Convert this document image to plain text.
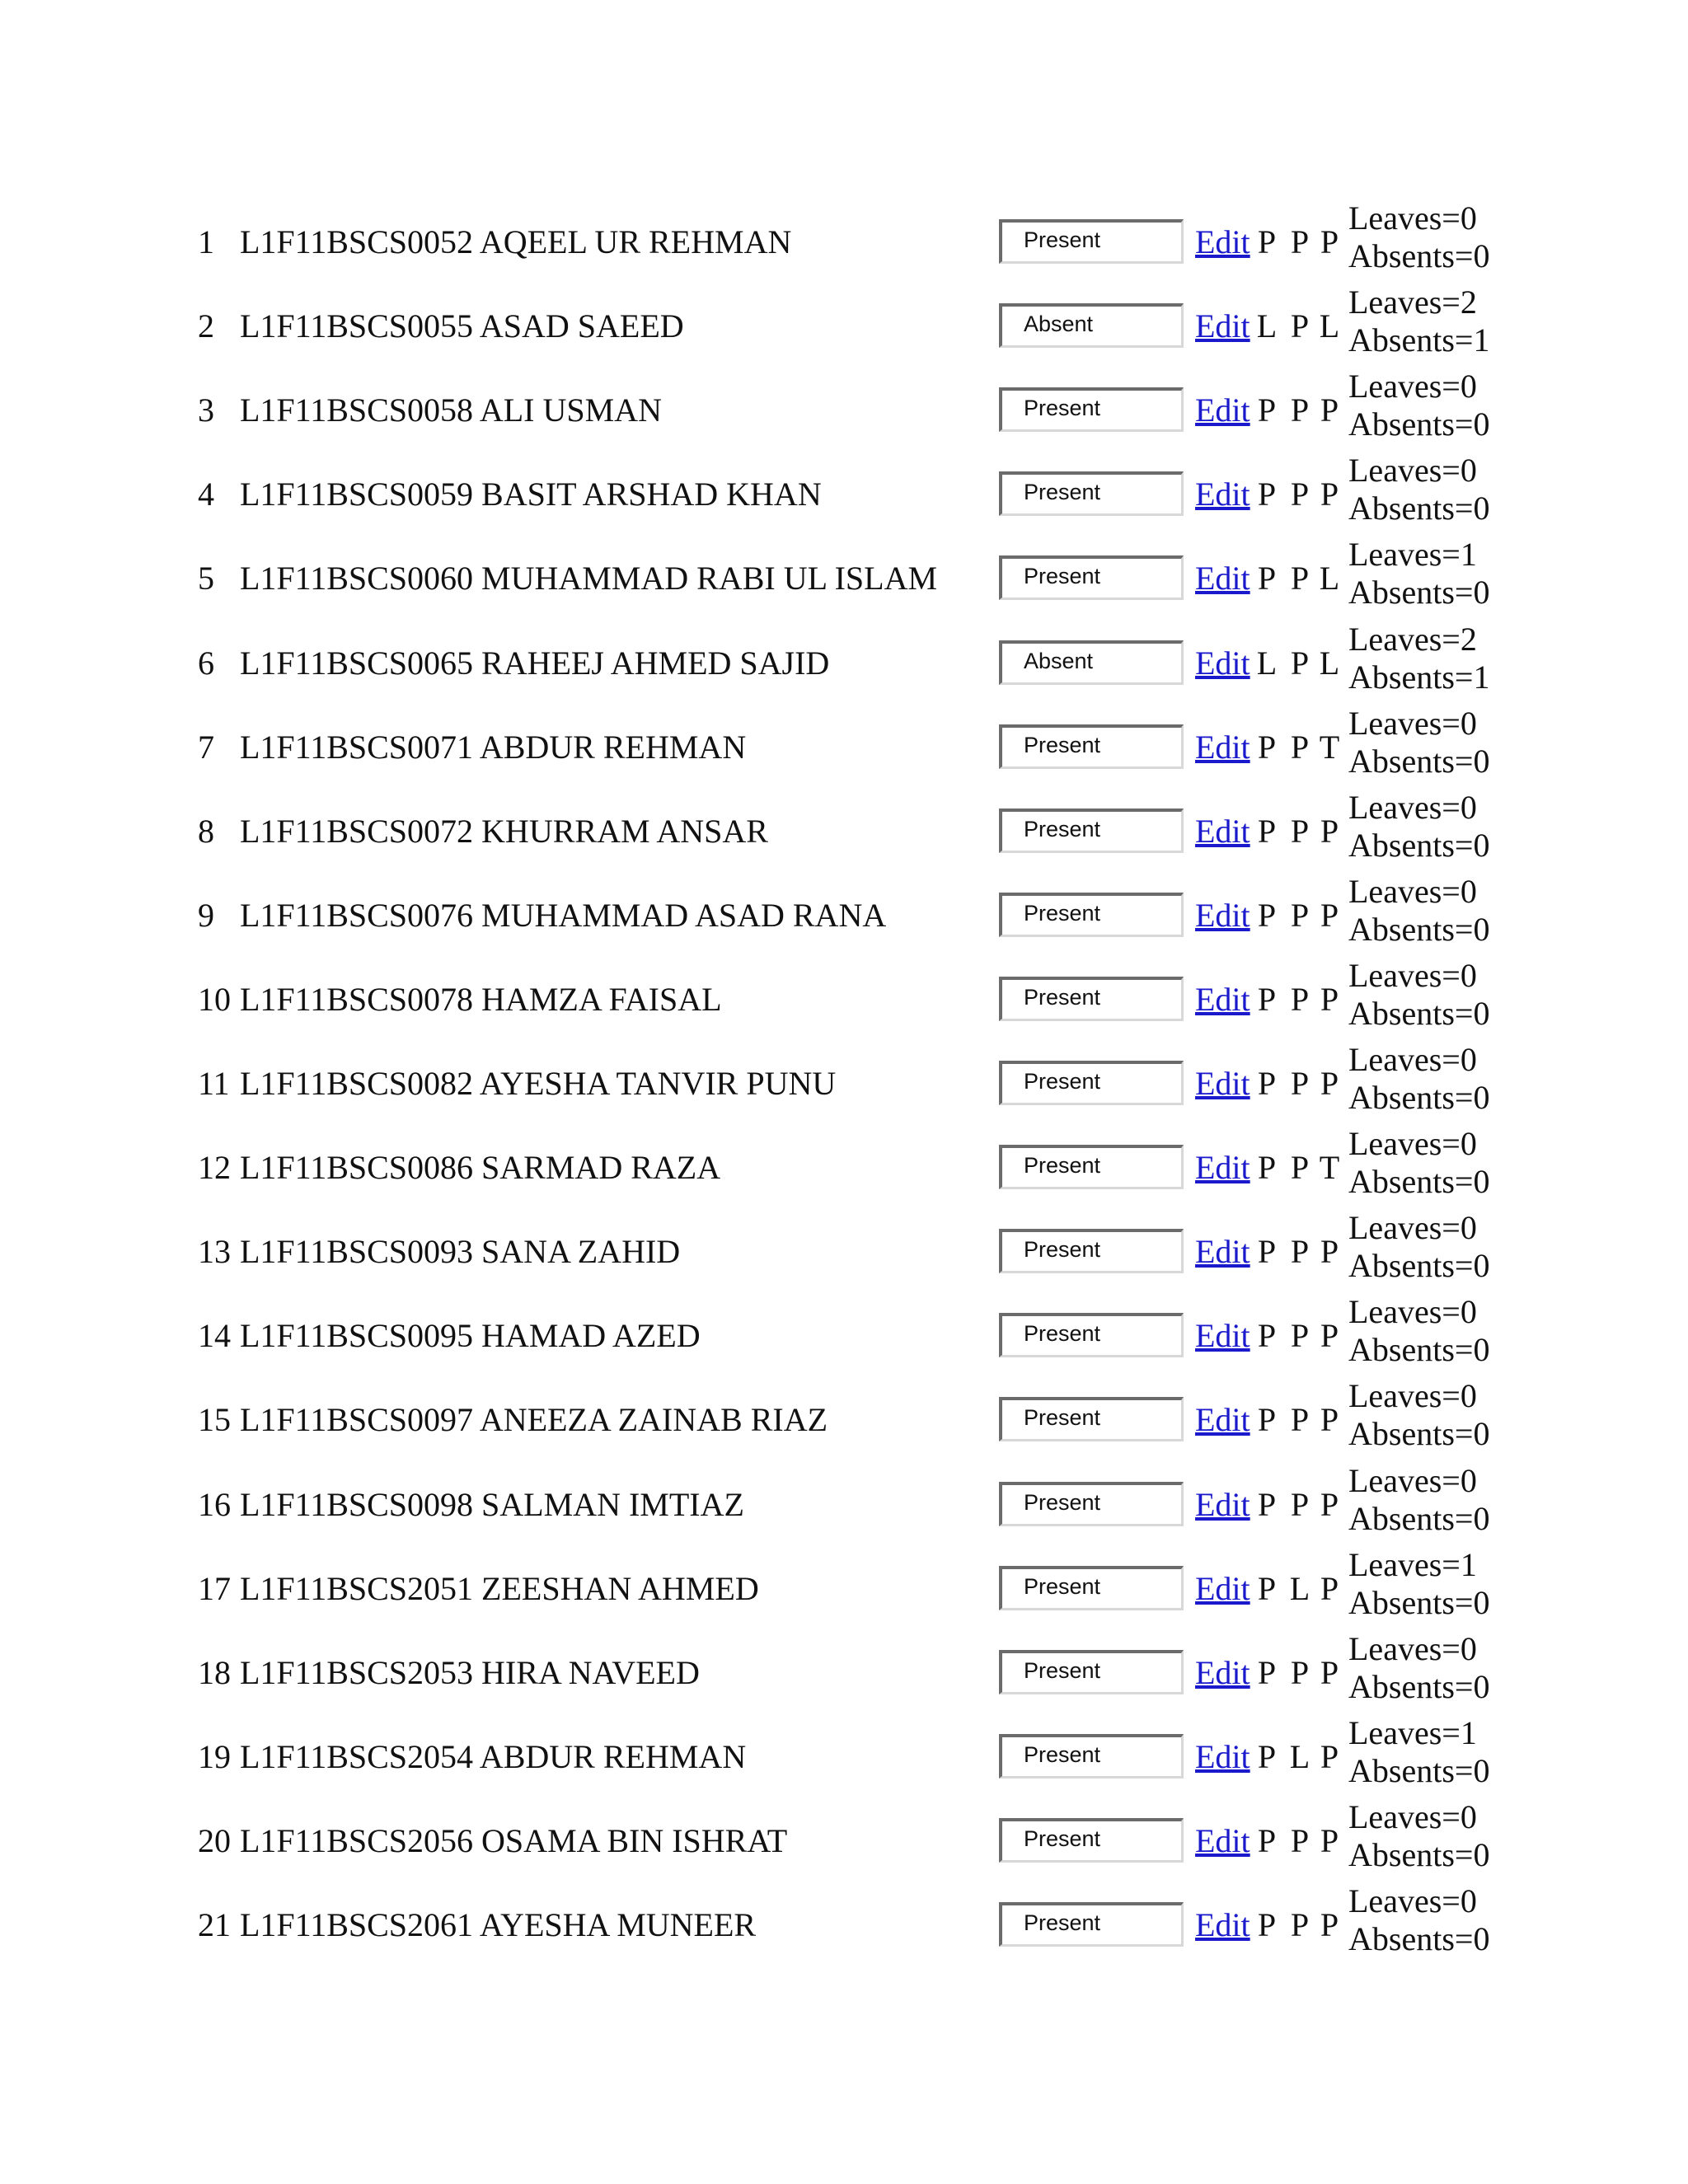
1 L1F11BSCS0052 AQEEL UR REHMAN	Present	Edit P P P
Leaves=0
Absents=0
2 L1F11BSCS0055 ASAD SAEED	Absent	Edit L P L
Leaves=2
Absents=1
3 L1F11BSCS0058 ALI USMAN	Present	Edit P P P
Leaves=0
Absents=0
4 L1F11BSCS0059 BASIT ARSHAD KHAN	Present	Edit P P P
Leaves=0
Absents=0
5 L1F11BSCS0060 MUHAMMAD RABI UL ISLAM	Present	Edit P P L
Leaves=1
Absents=0
6 L1F11BSCS0065 RAHEEJ AHMED SAJID	Absent	Edit L P L
Leaves=2
Absents=1
7 L1F11BSCS0071 ABDUR REHMAN	Present	Edit P P T
Leaves=0
Absents=0
8 L1F11BSCS0072 KHURRAM ANSAR	Present	Edit P P P
Leaves=0
Absents=0
9 L1F11BSCS0076 MUHAMMAD ASAD RANA	Present	Edit P P P
Leaves=0
Absents=0
10 L1F11BSCS0078 HAMZA FAISAL	Present	Edit P P P
Leaves=0
Absents=0
11 L1F11BSCS0082 AYESHA TANVIR PUNU	Present	Edit P P P
Leaves=0
Absents=0
12 L1F11BSCS0086 SARMAD RAZA	Present	Edit P P T
Leaves=0
Absents=0
13 L1F11BSCS0093 SANA ZAHID	Present	Edit P P P
Leaves=0
Absents=0
14 L1F11BSCS0095 HAMAD AZED	Present	Edit P P P
Leaves=0
Absents=0
15 L1F11BSCS0097 ANEEZA ZAINAB RIAZ	Present	Edit P P P
Leaves=0
Absents=0
16 L1F11BSCS0098 SALMAN IMTIAZ	Present	Edit P P P
Leaves=0
Absents=0
17 L1F11BSCS2051 ZEESHAN AHMED	Present	Edit P L P
Leaves=1
Absents=0
18 L1F11BSCS2053 HIRA NAVEED	Present	Edit P P P
Leaves=0
Absents=0
19 L1F11BSCS2054 ABDUR REHMAN	Present	Edit P L P
Leaves=1
Absents=0
20 L1F11BSCS2056 OSAMA BIN ISHRAT	Present	Edit P P P
Leaves=0
Absents=0
21 L1F11BSCS2061 AYESHA MUNEER	Present	Edit P P P
Leaves=0
Absents=0
